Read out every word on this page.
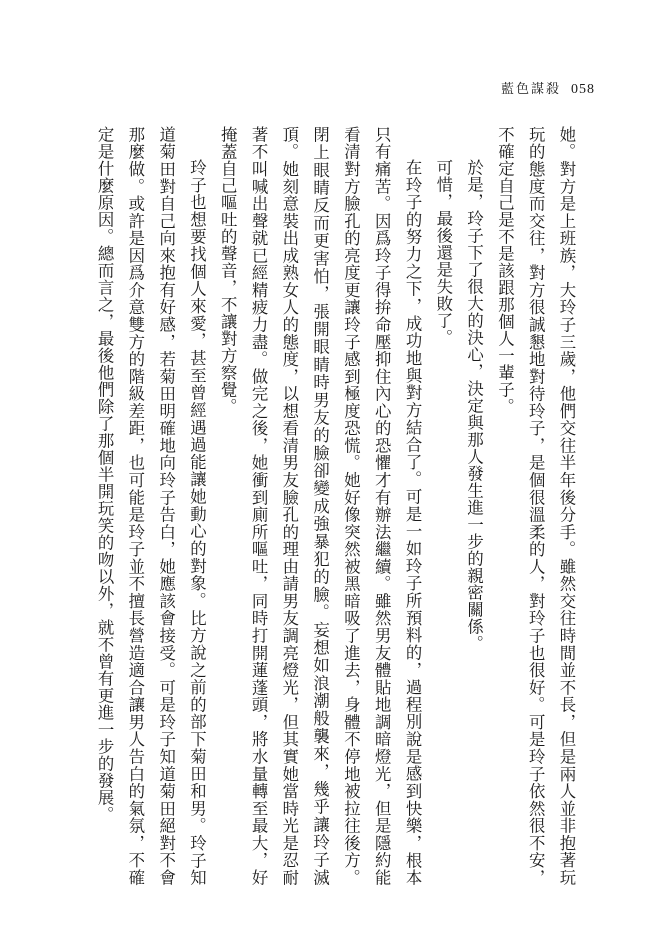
藍色謀殺 058

她。對方是上班族，大玲子三歲，他們交往半年後分手。雖然交往時間並不長，但是兩人並非抱著玩玩的態度而交往，對方很誠懇地對待玲子，是個很溫柔的人，對玲子也很好。可是玲子依然很不安，不確定自己是不是該跟那個人一輩子。

於是，玲子下了很大的決心，決定與那人發生進一步的親密關係。

可惜，最後還是失敗了。

在玲子的努力之下，成功地與對方結合了。可是一如玲子所預料的，過程別說是感到快樂，根本只有痛苦。因爲玲子得拚命壓抑住內心的恐懼才有辦法繼續。雖然男友體貼地調暗燈光，但是隱約能看清對方臉孔的亮度更讓玲子感到極度恐慌。她好像突然被黑暗吸了進去，身體不停地被拉往後方。閉上眼睛反而更害怕，張開眼睛時男友的臉卻變成強暴犯的臉。妄想如浪潮般襲來，幾乎讓玲子滅頂。她刻意裝出成熟女人的態度，以想看清男友臉孔的理由請男友調亮燈光，但其實她當時光是忍耐著不叫喊出聲就已經精疲力盡。做完之後，她衝到廁所嘔吐，同時打開蓮蓬頭，將水量轉至最大，好掩蓋自己嘔吐的聲音，不讓對方察覺。

玲子也想要找個人來愛，甚至曾經遇過能讓她動心的對象。比方說之前的部下菊田和男。玲子知道菊田對自己向來抱有好感，若菊田明確地向玲子告白，她應該會接受。可是玲子知道菊田絕對不會那麼做。或許是因爲介意雙方的階級差距，也可能是玲子並不擅長營造適合讓男人告白的氣氛，不確定是什麼原因。總而言之，最後他們除了那個半開玩笑的吻以外，就不曾有更進一步的發展。
